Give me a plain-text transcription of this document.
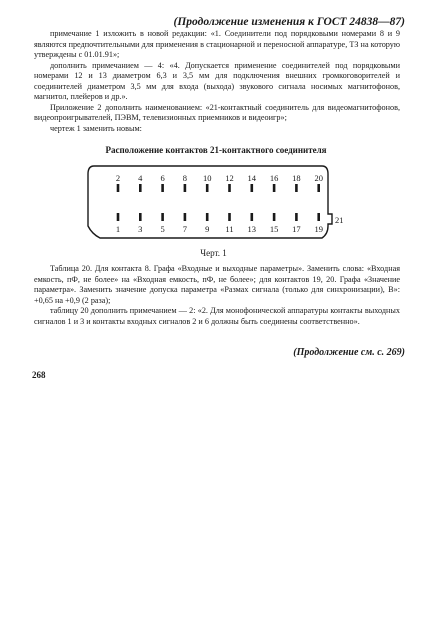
(Продолжение изменения к ГОСТ 24838—87)

примечание 1 изложить в новой редакции: «1. Соединители под порядковыми номерами 8 и 9 являются предпочтительными для применения в стационарной и переносной аппаратуре, ТЗ на которую утверждены с 01.01.91»;

дополнить примечанием — 4: «4. Допускается применение соединителей под порядковыми номерами 12 и 13 диаметром 6,3 и 3,5 мм для подключения внешних громкоговорителей и соединителей диаметром 3,5 мм для входа (выхода) звукового сигнала носимых магнитофонов, магнитол, плейеров и др.».

Приложение 2 дополнить наименованием: «21-контактный соединитель для видеомагнитофонов, видеопроигрывателей, ПЭВМ, телевизионных приемников и видеоигр»;

чертеж 1 заменить новым:

Расположение контактов 21-контактного соединителя
2 4 6 8 10 12 14 16 18 20
1 3 5 7 9 11 13 15 17 19
21
Черт. 1

Таблица 20. Для контакта 8. Графа «Входные и выходные параметры». Заменить слова: «Входная емкость, пФ, не более» на «Входная емкость, пФ, не более»; для контактов 19, 20. Графа «Значение параметра». Заменить значение допуска параметра «Размах сигнала (только для синхронизации), В»: +0,65 на +0,9 (2 раза);

таблицу 20 дополнить примечанием — 2: «2. Для монофонической аппаратуры контакты выходных сигналов 1 и 3 и контакты входных сигналов 2 и 6 должны быть соединены соответственно».

(Продолжение см. с. 269)
268
